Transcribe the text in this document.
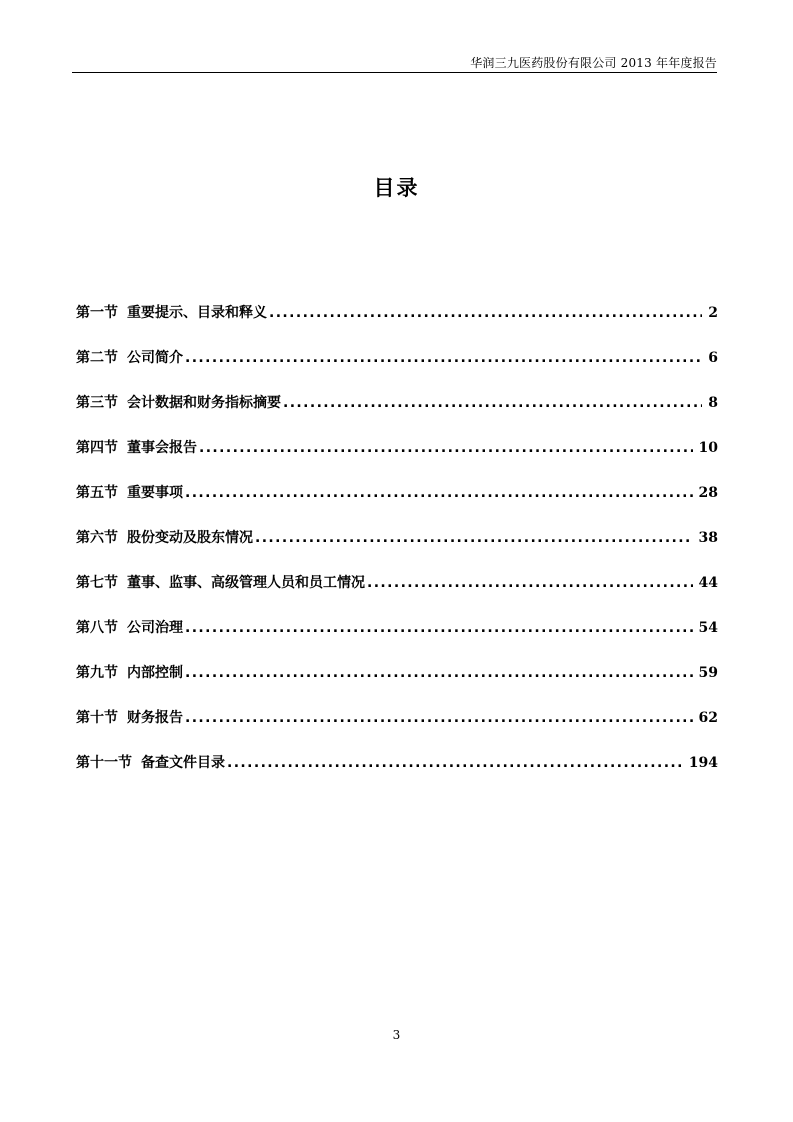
华润三九医药股份有限公司 2013 年年度报告
目录
第一节 重要提示、目录和释义 .....	2
第二节 公司简介 .....	6
第三节 会计数据和财务指标摘要 .....	8
第四节 董事会报告 .....	10
第五节 重要事项 .....	28
第六节 股份变动及股东情况 .....	38
第七节 董事、监事、高级管理人员和员工情况 .....	44
第八节 公司治理 .....	54
第九节 内部控制 .....	59
第十节 财务报告 .....	62
第十一节 备查文件目录 .....	194
3
